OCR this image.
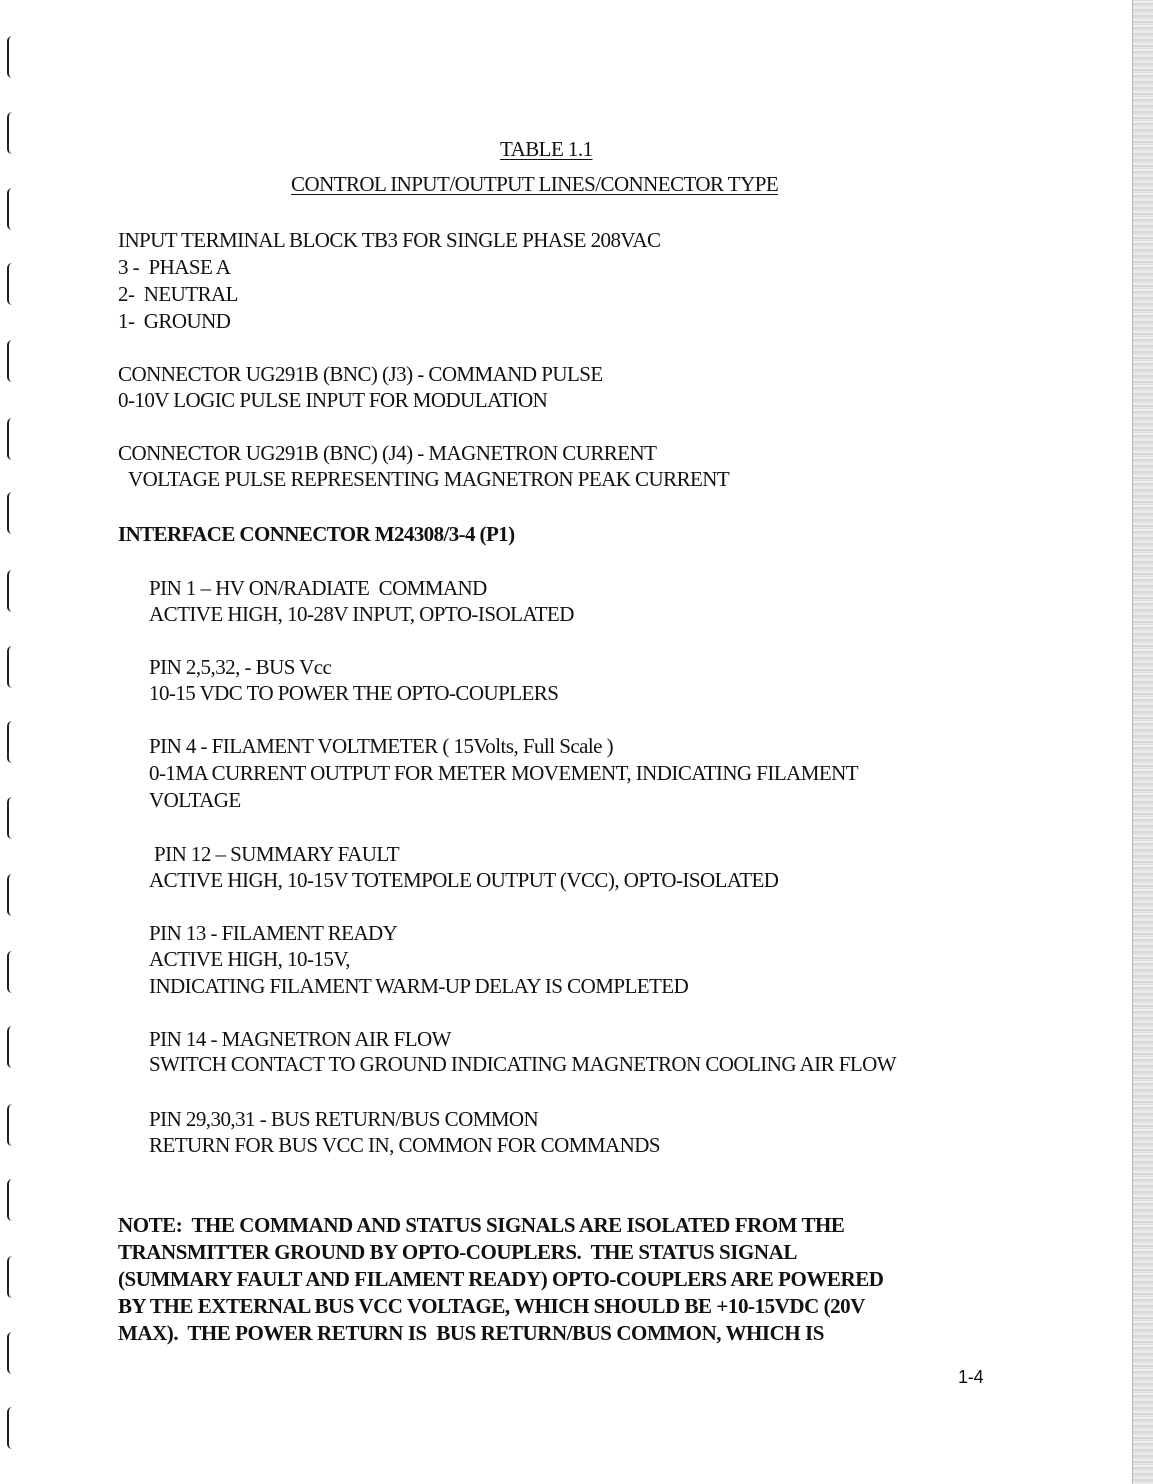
TABLE 1.1
CONTROL INPUT/OUTPUT LINES/CONNECTOR TYPE
INPUT TERMINAL BLOCK TB3 FOR SINGLE PHASE 208VAC
3 -  PHASE A
2-  NEUTRAL
1-  GROUND
CONNECTOR UG291B (BNC) (J3) - COMMAND PULSE
0-10V LOGIC PULSE INPUT FOR MODULATION
CONNECTOR UG291B (BNC) (J4) - MAGNETRON CURRENT
VOLTAGE PULSE REPRESENTING MAGNETRON PEAK CURRENT
INTERFACE CONNECTOR M24308/3-4 (P1)
PIN 1 – HV ON/RADIATE  COMMAND
ACTIVE HIGH, 10-28V INPUT, OPTO-ISOLATED
PIN 2,5,32, - BUS Vcc
10-15 VDC TO POWER THE OPTO-COUPLERS
PIN 4 - FILAMENT VOLTMETER ( 15Volts, Full Scale )
0-1MA CURRENT OUTPUT FOR METER MOVEMENT, INDICATING FILAMENT
VOLTAGE
PIN 12 – SUMMARY FAULT
ACTIVE HIGH, 10-15V TOTEMPOLE OUTPUT (VCC), OPTO-ISOLATED
PIN 13 - FILAMENT READY
ACTIVE HIGH, 10-15V,
INDICATING FILAMENT WARM-UP DELAY IS COMPLETED
PIN 14 - MAGNETRON AIR FLOW
SWITCH CONTACT TO GROUND INDICATING MAGNETRON COOLING AIR FLOW
PIN 29,30,31 - BUS RETURN/BUS COMMON
RETURN FOR BUS VCC IN, COMMON FOR COMMANDS
NOTE:  THE COMMAND AND STATUS SIGNALS ARE ISOLATED FROM THE
TRANSMITTER GROUND BY OPTO-COUPLERS.  THE STATUS SIGNAL
(SUMMARY FAULT AND FILAMENT READY) OPTO-COUPLERS ARE POWERED
BY THE EXTERNAL BUS VCC VOLTAGE, WHICH SHOULD BE +10-15VDC (20V
MAX).  THE POWER RETURN IS  BUS RETURN/BUS COMMON, WHICH IS
1-4
